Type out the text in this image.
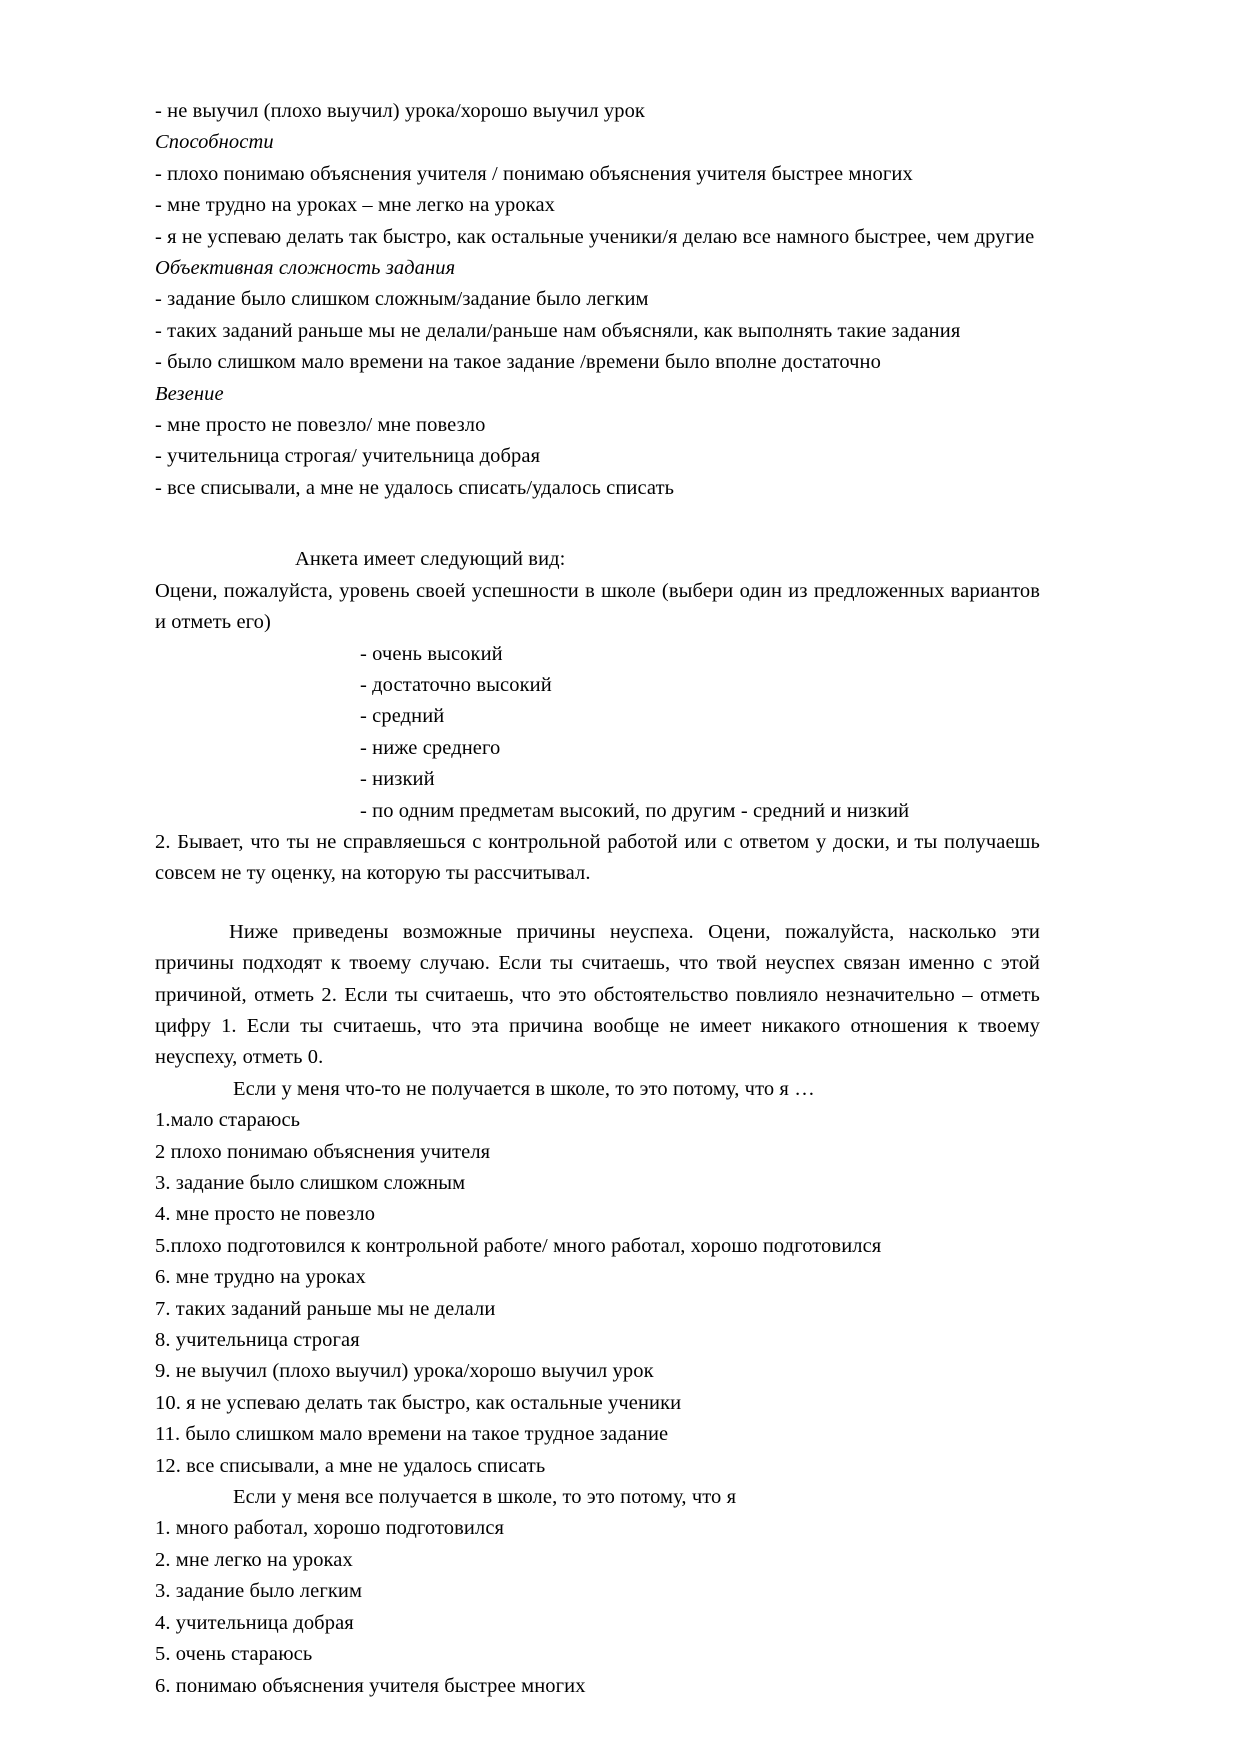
- не выучил (плохо выучил) урока/хорошо выучил урок
Способности
- плохо понимаю объяснения учителя / понимаю объяснения учителя быстрее многих
- мне трудно на уроках – мне легко на уроках
- я не успеваю делать так быстро, как остальные ученики/я делаю все намного быстрее, чем другие
Объективная сложность задания
- задание было слишком сложным/задание было легким
- таких заданий раньше мы не делали/раньше нам объясняли, как выполнять такие задания
- было слишком мало времени на такое задание /времени было вполне достаточно
Везение
- мне просто не повезло/ мне повезло
- учительница строгая/ учительница добрая
- все списывали, а мне не удалось списать/удалось списать
Анкета имеет следующий вид:
Оцени, пожалуйста, уровень своей успешности в школе (выбери один из предложенных вариантов и отметь его)
- очень высокий
- достаточно высокий
- средний
- ниже среднего
- низкий
- по одним предметам высокий, по другим - средний и низкий
2. Бывает, что ты не справляешься с контрольной работой или с ответом у доски, и ты получаешь совсем не ту оценку, на которую ты рассчитывал.
Ниже приведены возможные причины неуспеха. Оцени, пожалуйста, насколько эти причины подходят к твоему случаю. Если ты считаешь, что твой неуспех связан именно с этой причиной, отметь 2. Если ты считаешь, что это обстоятельство повлияло незначительно – отметь цифру 1. Если ты считаешь, что эта причина вообще не имеет никакого отношения к твоему неуспеху, отметь 0.
Если у меня что-то не получается в школе, то это потому, что я …
1.мало стараюсь
2 плохо понимаю объяснения учителя
3. задание было слишком сложным
4. мне просто не повезло
5.плохо подготовился к контрольной работе/ много работал, хорошо подготовился
6. мне трудно на уроках
7. таких заданий раньше мы не делали
8. учительница строгая
9. не выучил (плохо выучил) урока/хорошо выучил урок
10. я не успеваю делать так быстро, как остальные ученики
11. было слишком мало времени на такое трудное задание
12. все списывали, а мне не удалось списать
Если у меня все получается в школе, то это потому, что я
1. много работал, хорошо подготовился
2. мне легко на уроках
3. задание было легким
4. учительница добрая
5. очень стараюсь
6. понимаю объяснения учителя быстрее многих
